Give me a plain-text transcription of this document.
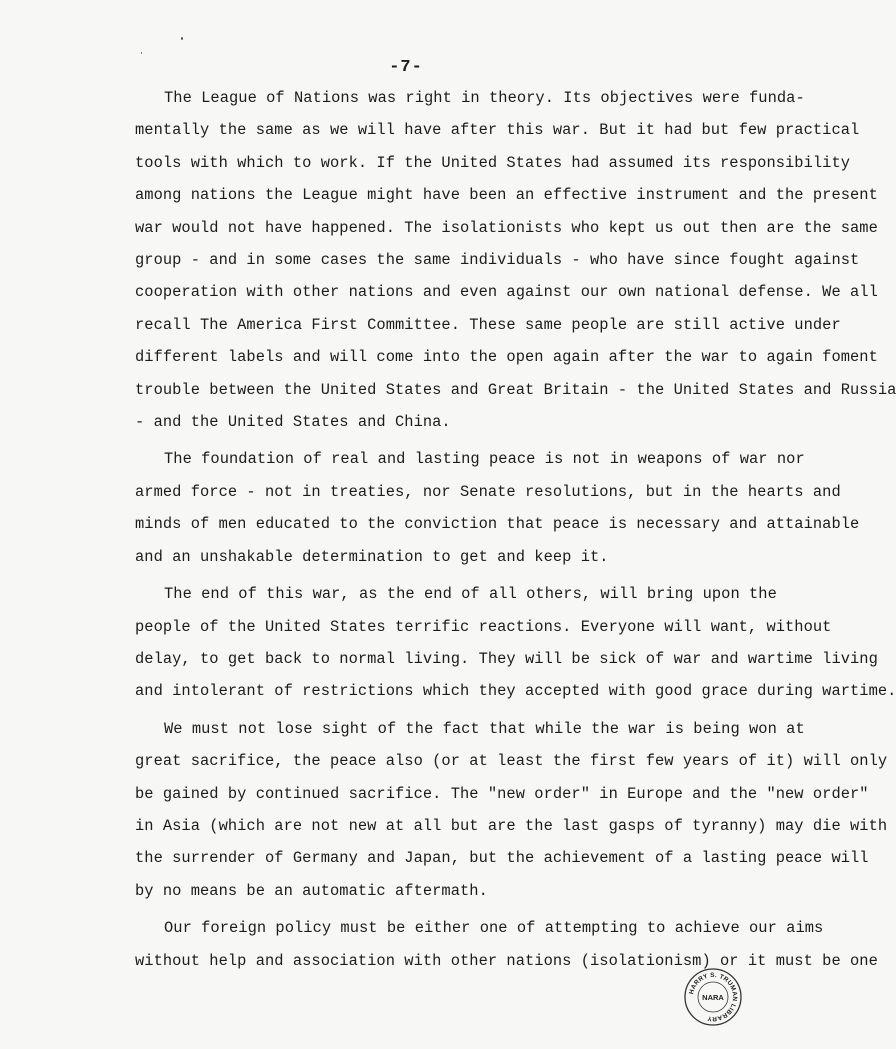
-7-
The League of Nations was right in theory. Its objectives were funda-
mentally the same as we will have after this war. But it had but few practical
tools with which to work. If the United States had assumed its responsibility
among nations the League might have been an effective instrument and the present
war would not have happened. The isolationists who kept us out then are the same
group - and in some cases the same individuals - who have since fought against
cooperation with other nations and even against our own national defense. We all
recall The America First Committee. These same people are still active under
different labels and will come into the open again after the war to again foment
trouble between the United States and Great Britain - the United States and Russia
- and the United States and China.
The foundation of real and lasting peace is not in weapons of war nor
armed force - not in treaties, nor Senate resolutions, but in the hearts and
minds of men educated to the conviction that peace is necessary and attainable
and an unshakable determination to get and keep it.
The end of this war, as the end of all others, will bring upon the
people of the United States terrific reactions. Everyone will want, without
delay, to get back to normal living. They will be sick of war and wartime living
and intolerant of restrictions which they accepted with good grace during wartime.
We must not lose sight of the fact that while the war is being won at
great sacrifice, the peace also (or at least the first few years of it) will only
be gained by continued sacrifice. The "new order" in Europe and the "new order"
in Asia (which are not new at all but are the last gasps of tyranny) may die with
the surrender of Germany and Japan, but the achievement of a lasting peace will
by no means be an automatic aftermath.
Our foreign policy must be either one of attempting to achieve our aims
without help and association with other nations (isolationism) or it must be one
HARRY S. TRUMAN LIBRARY
NARA
